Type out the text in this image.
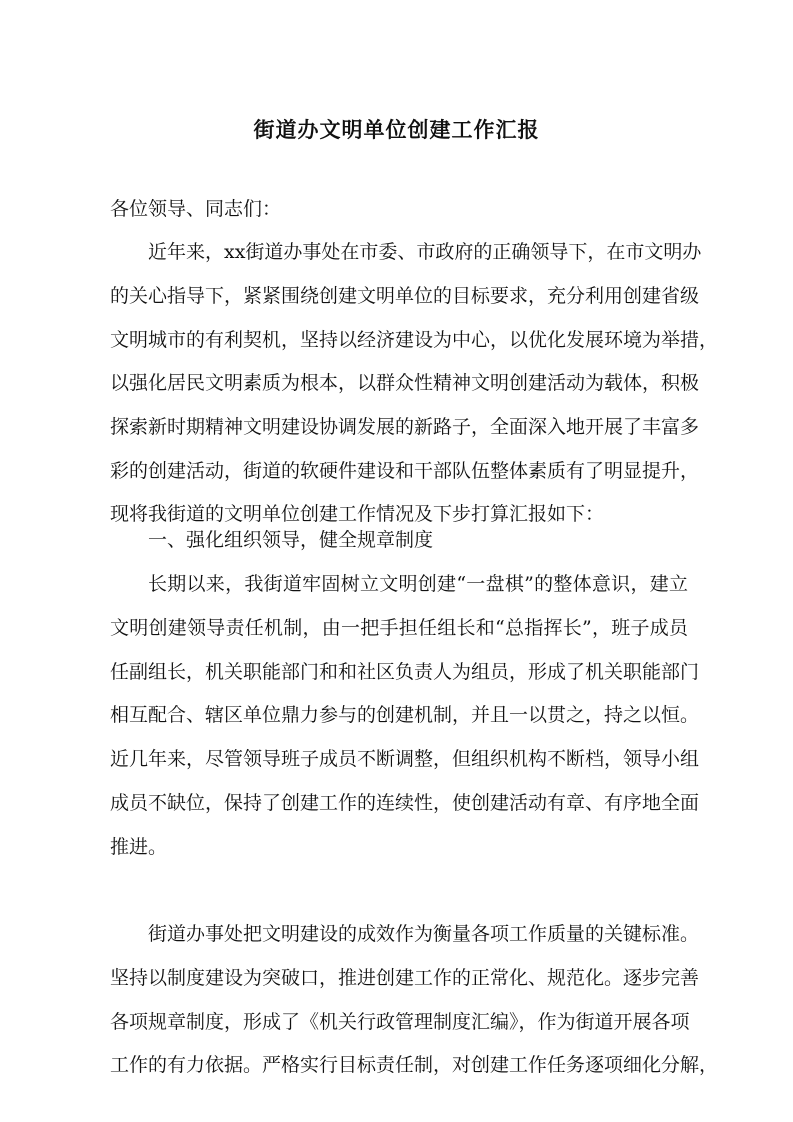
街道办文明单位创建工作汇报
各位领导、同志们：
近年来，xx街道办事处在市委、市政府的正确领导下，在市文明办
的关心指导下，紧紧围绕创建文明单位的目标要求，充分利用创建省级
文明城市的有利契机，坚持以经济建设为中心，以优化发展环境为举措，
以强化居民文明素质为根本，以群众性精神文明创建活动为载体，积极
探索新时期精神文明建设协调发展的新路子，全面深入地开展了丰富多
彩的创建活动，街道的软硬件建设和干部队伍整体素质有了明显提升，
现将我街道的文明单位创建工作情况及下步打算汇报如下：
一、强化组织领导，健全规章制度
长期以来，我街道牢固树立文明创建“一盘棋”的整体意识，建立
文明创建领导责任机制，由一把手担任组长和“总指挥长”，班子成员
任副组长，机关职能部门和和社区负责人为组员，形成了机关职能部门
相互配合、辖区单位鼎力参与的创建机制，并且一以贯之，持之以恒。
近几年来，尽管领导班子成员不断调整，但组织机构不断档，领导小组
成员不缺位，保持了创建工作的连续性，使创建活动有章、有序地全面
推进。
街道办事处把文明建设的成效作为衡量各项工作质量的关键标准。
坚持以制度建设为突破口，推进创建工作的正常化、规范化。逐步完善
各项规章制度，形成了《机关行政管理制度汇编》，作为街道开展各项
工作的有力依据。严格实行目标责任制，对创建工作任务逐项细化分解，
